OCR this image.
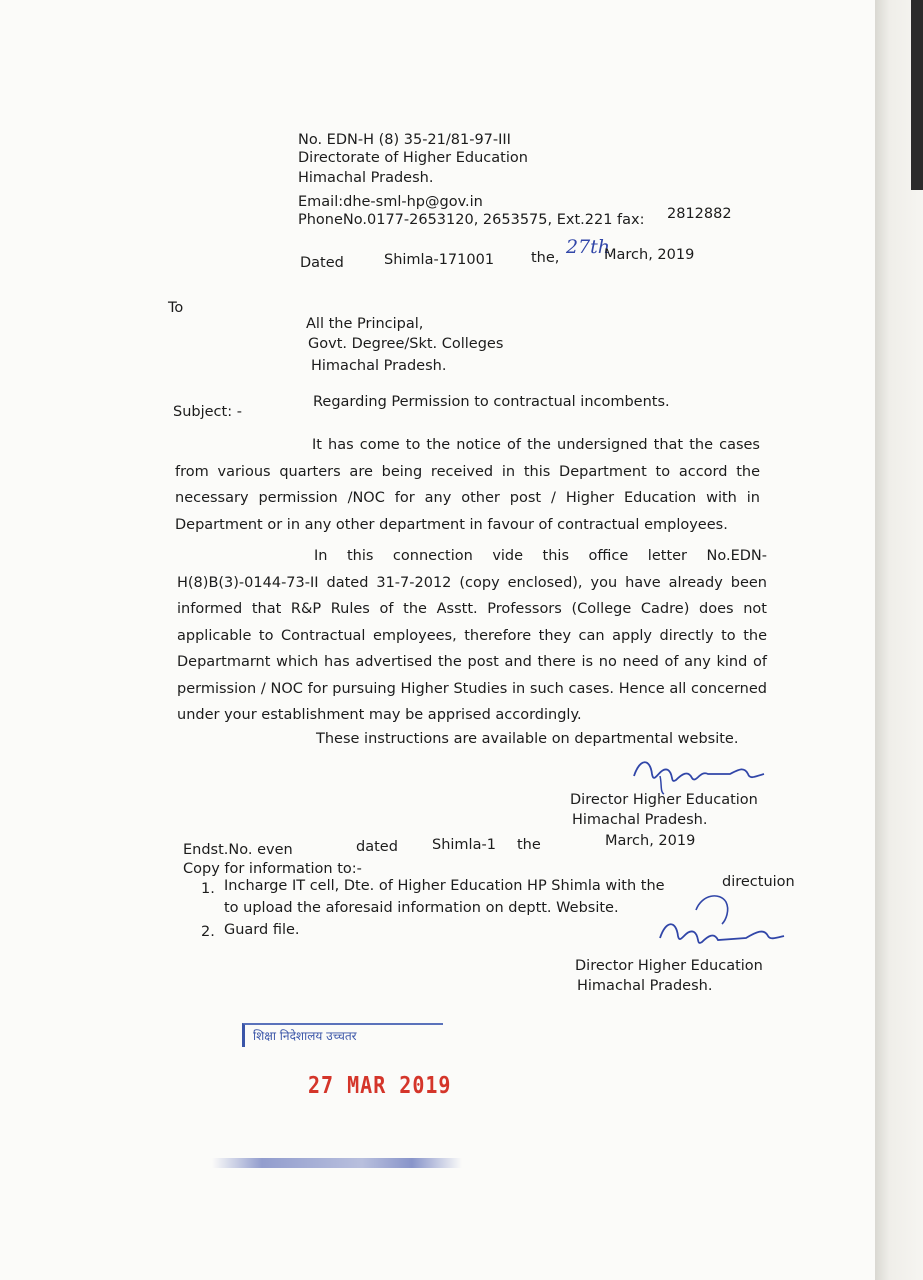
No. EDN-H (8) 35-21/81-97-III
Directorate of Higher Education
Himachal Pradesh.
Email:dhe-sml-hp@gov.in
PhoneNo.0177-2653120, 2653575, Ext.221 fax: 2812882
Dated	Shimla-171001	the, 27th
March, 2019
To
All the Principal,
Govt. Degree/Skt. Colleges
Himachal Pradesh.
Subject: -
Regarding Permission to contractual incombents.
It has come to the notice of the undersigned that the cases from various quarters are being received in this Department to accord the necessary permission /NOC for any other post / Higher Education with in Department or in any other department in favour of contractual employees.
In this connection vide this office letter No.EDN-H(8)B(3)-0144-73-II dated 31-7-2012 (copy enclosed), you have already been informed that R&P Rules of the Asstt. Professors (College Cadre) does not applicable to Contractual employees, therefore they can apply directly to the Departmarnt which has advertised the post and there is no need of any kind of permission / NOC for pursuing Higher Studies in such cases. Hence all concerned under your establishment may be apprised accordingly.
These instructions are available on departmental website.
Director Higher Education
Himachal Pradesh.
Endst.No. even	dated Shimla-1 the	March, 2019
Copy for information to:-
1. Incharge IT cell, Dte. of Higher Education HP Shimla with the	directuion
to upload the aforesaid information on deptt. Website.
2. Guard file.
Director Higher Education
Himachal Pradesh.
शिक्षा निदेशालय उच्चतर
27 MAR 2019
